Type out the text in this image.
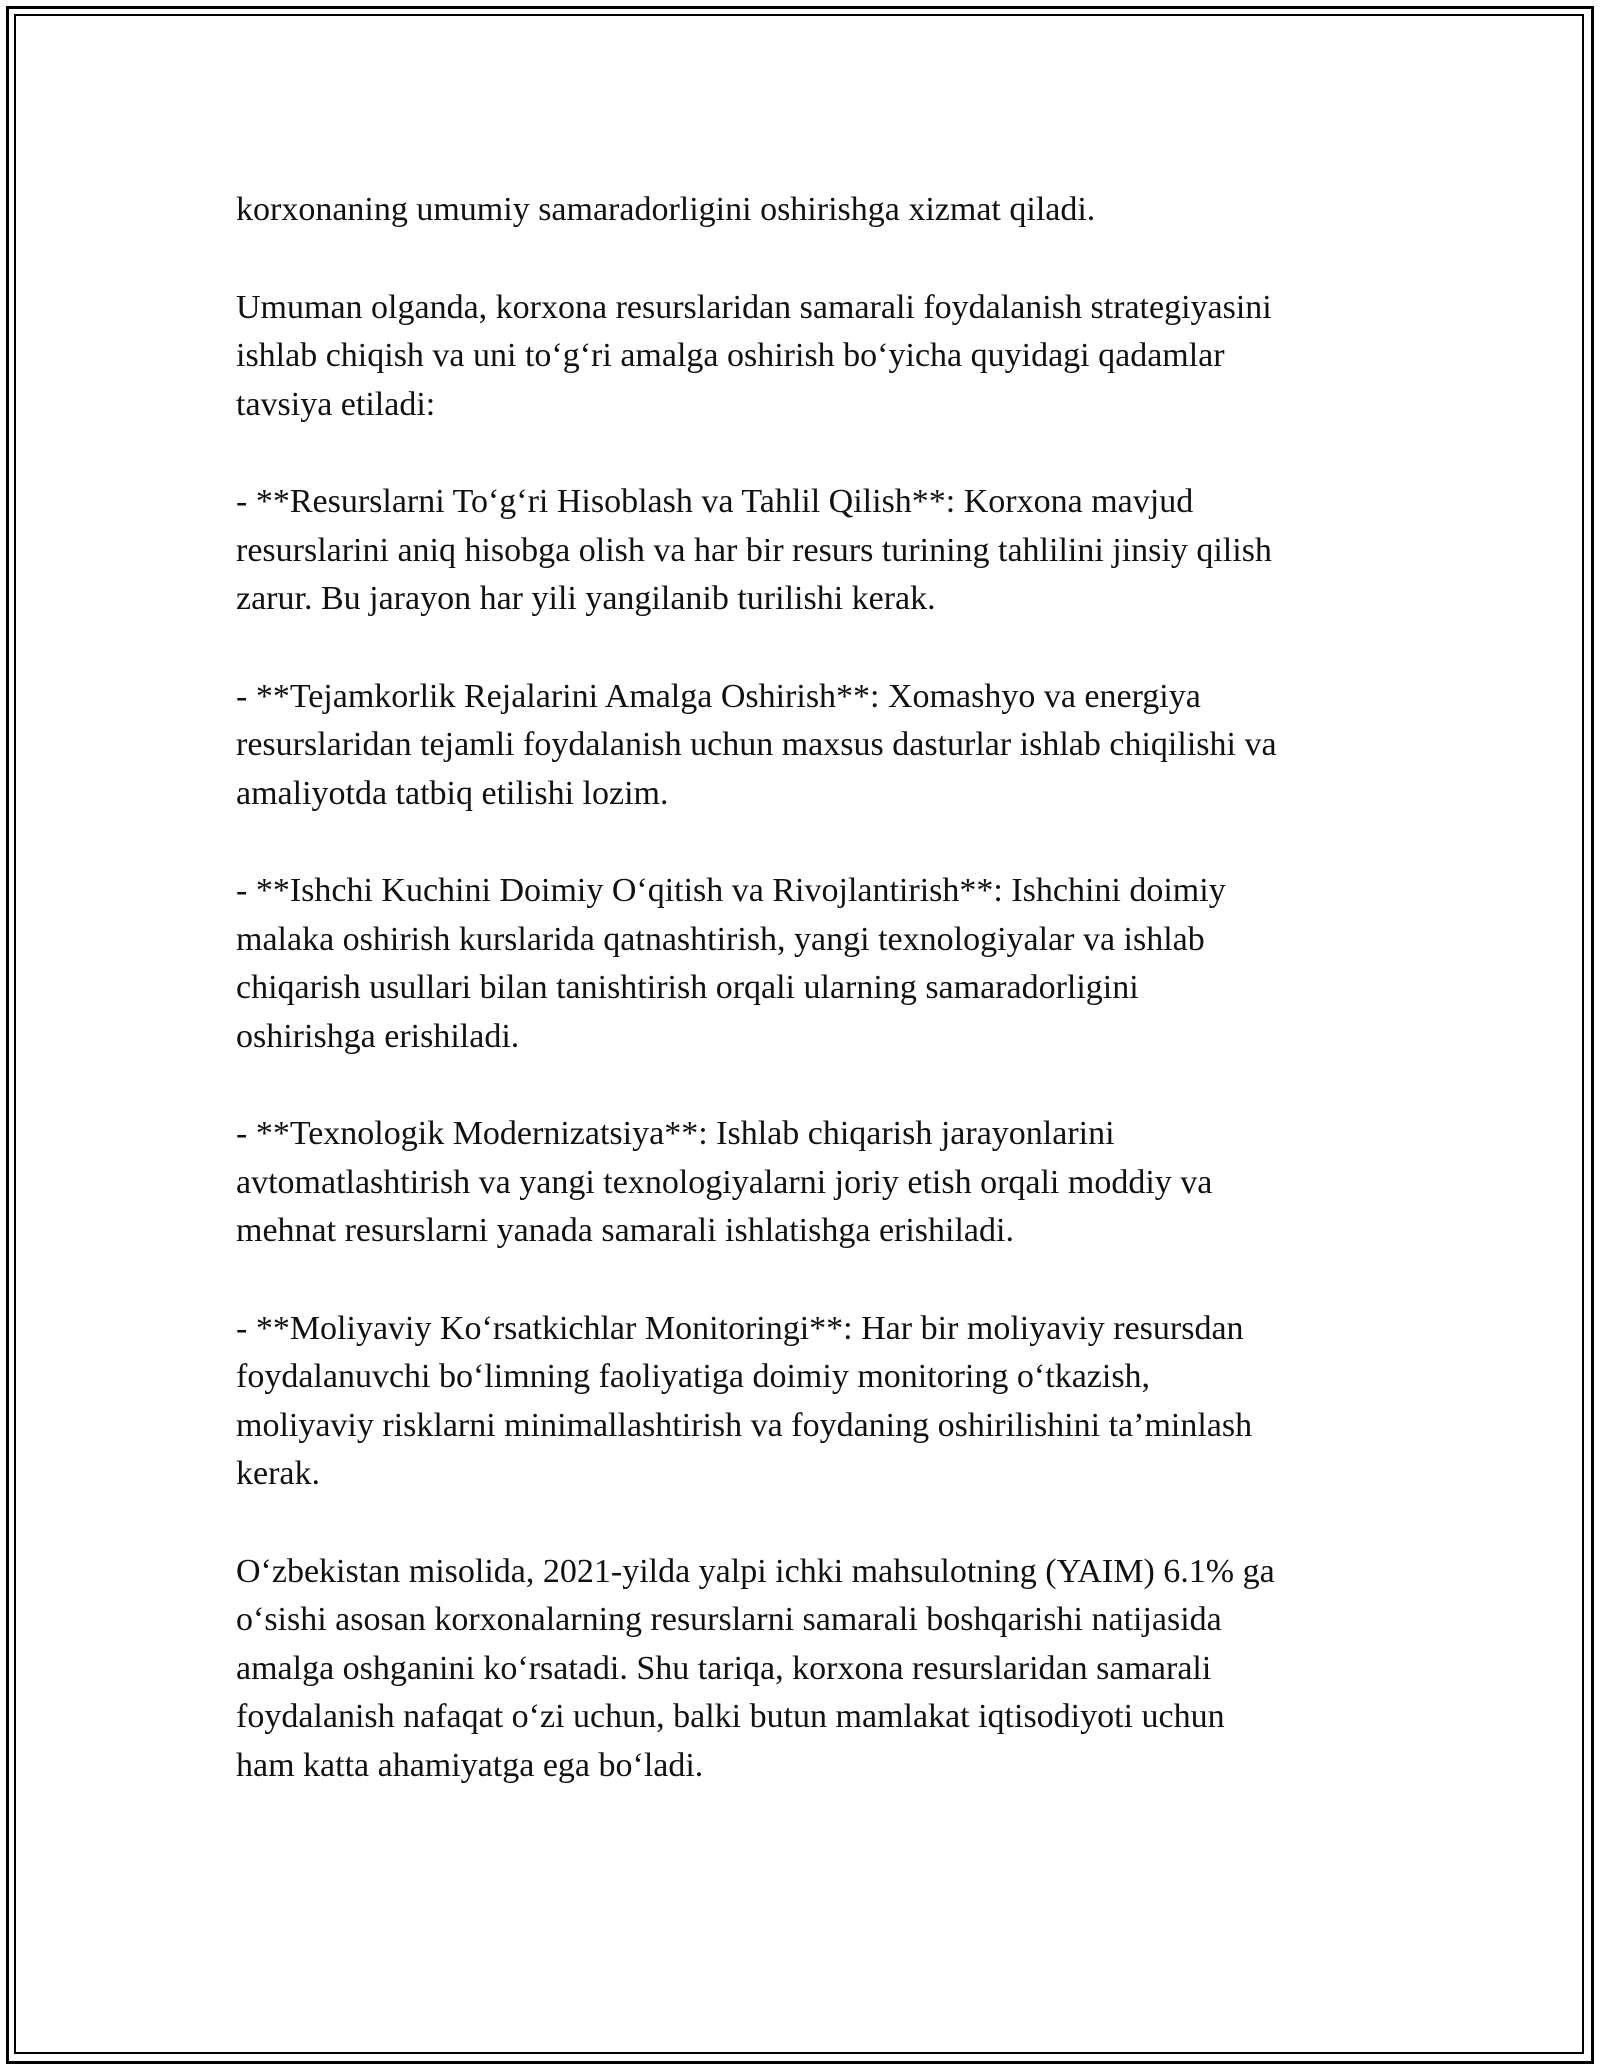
korxonaning umumiy samaradorligini oshirishga xizmat qiladi.

Umuman olganda, korxona resurslaridan samarali foydalanish strategiyasini
ishlab chiqish va uni to‘g‘ri amalga oshirish bo‘yicha quyidagi qadamlar
tavsiya etiladi:

- **Resurslarni To‘g‘ri Hisoblash va Tahlil Qilish**: Korxona mavjud
resurslarini aniq hisobga olish va har bir resurs turining tahlilini jinsiy qilish
zarur. Bu jarayon har yili yangilanib turilishi kerak.

- **Tejamkorlik Rejalarini Amalga Oshirish**: Xomashyo va energiya
resurslaridan tejamli foydalanish uchun maxsus dasturlar ishlab chiqilishi va
amaliyotda tatbiq etilishi lozim.

- **Ishchi Kuchini Doimiy O‘qitish va Rivojlantirish**: Ishchini doimiy
malaka oshirish kurslarida qatnashtirish, yangi texnologiyalar va ishlab
chiqarish usullari bilan tanishtirish orqali ularning samaradorligini
oshirishga erishiladi.

- **Texnologik Modernizatsiya**: Ishlab chiqarish jarayonlarini
avtomatlashtirish va yangi texnologiyalarni joriy etish orqali moddiy va
mehnat resurslarni yanada samarali ishlatishga erishiladi.

- **Moliyaviy Ko‘rsatkichlar Monitoringi**: Har bir moliyaviy resursdan
foydalanuvchi bo‘limning faoliyatiga doimiy monitoring o‘tkazish,
moliyaviy risklarni minimallashtirish va foydaning oshirilishini ta’minlash
kerak.

O‘zbekistan misolida, 2021-yilda yalpi ichki mahsulotning (YAIM) 6.1% ga
o‘sishi asosan korxonalarning resurslarni samarali boshqarishi natijasida
amalga oshganini ko‘rsatadi. Shu tariqa, korxona resurslaridan samarali
foydalanish nafaqat o‘zi uchun, balki butun mamlakat iqtisodiyoti uchun
ham katta ahamiyatga ega bo‘ladi.
